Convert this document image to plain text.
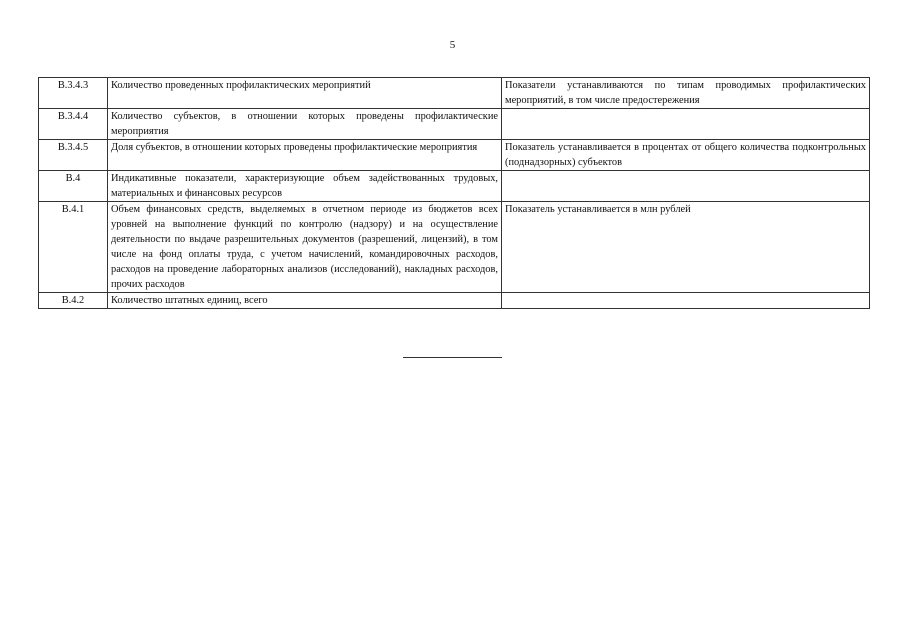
5
В.3.4.3	Количество проведенных профилактических мероприятий	Показатели устанавливаются по типам проводимых профилактических мероприятий, в том числе предостережения
В.3.4.4	Количество субъектов, в отношении которых проведены профилактические мероприятия	
В.3.4.5	Доля субъектов, в отношении которых проведены профилактические мероприятия	Показатель устанавливается в процентах от общего количества подконтрольных (поднадзорных) субъектов
В.4	Индикативные показатели, характеризующие объем задействованных трудовых, материальных и финансовых ресурсов	
В.4.1	Объем финансовых средств, выделяемых в отчетном периоде из бюджетов всех уровней на выполнение функций по контролю (надзору) и на осуществление деятельности по выдаче разрешительных документов (разрешений, лицензий), в том числе на фонд оплаты труда, с учетом начислений, командировочных расходов, расходов на проведение лабораторных анализов (исследований), накладных расходов, прочих расходов	Показатель устанавливается в млн рублей
В.4.2	Количество штатных единиц, всего	
